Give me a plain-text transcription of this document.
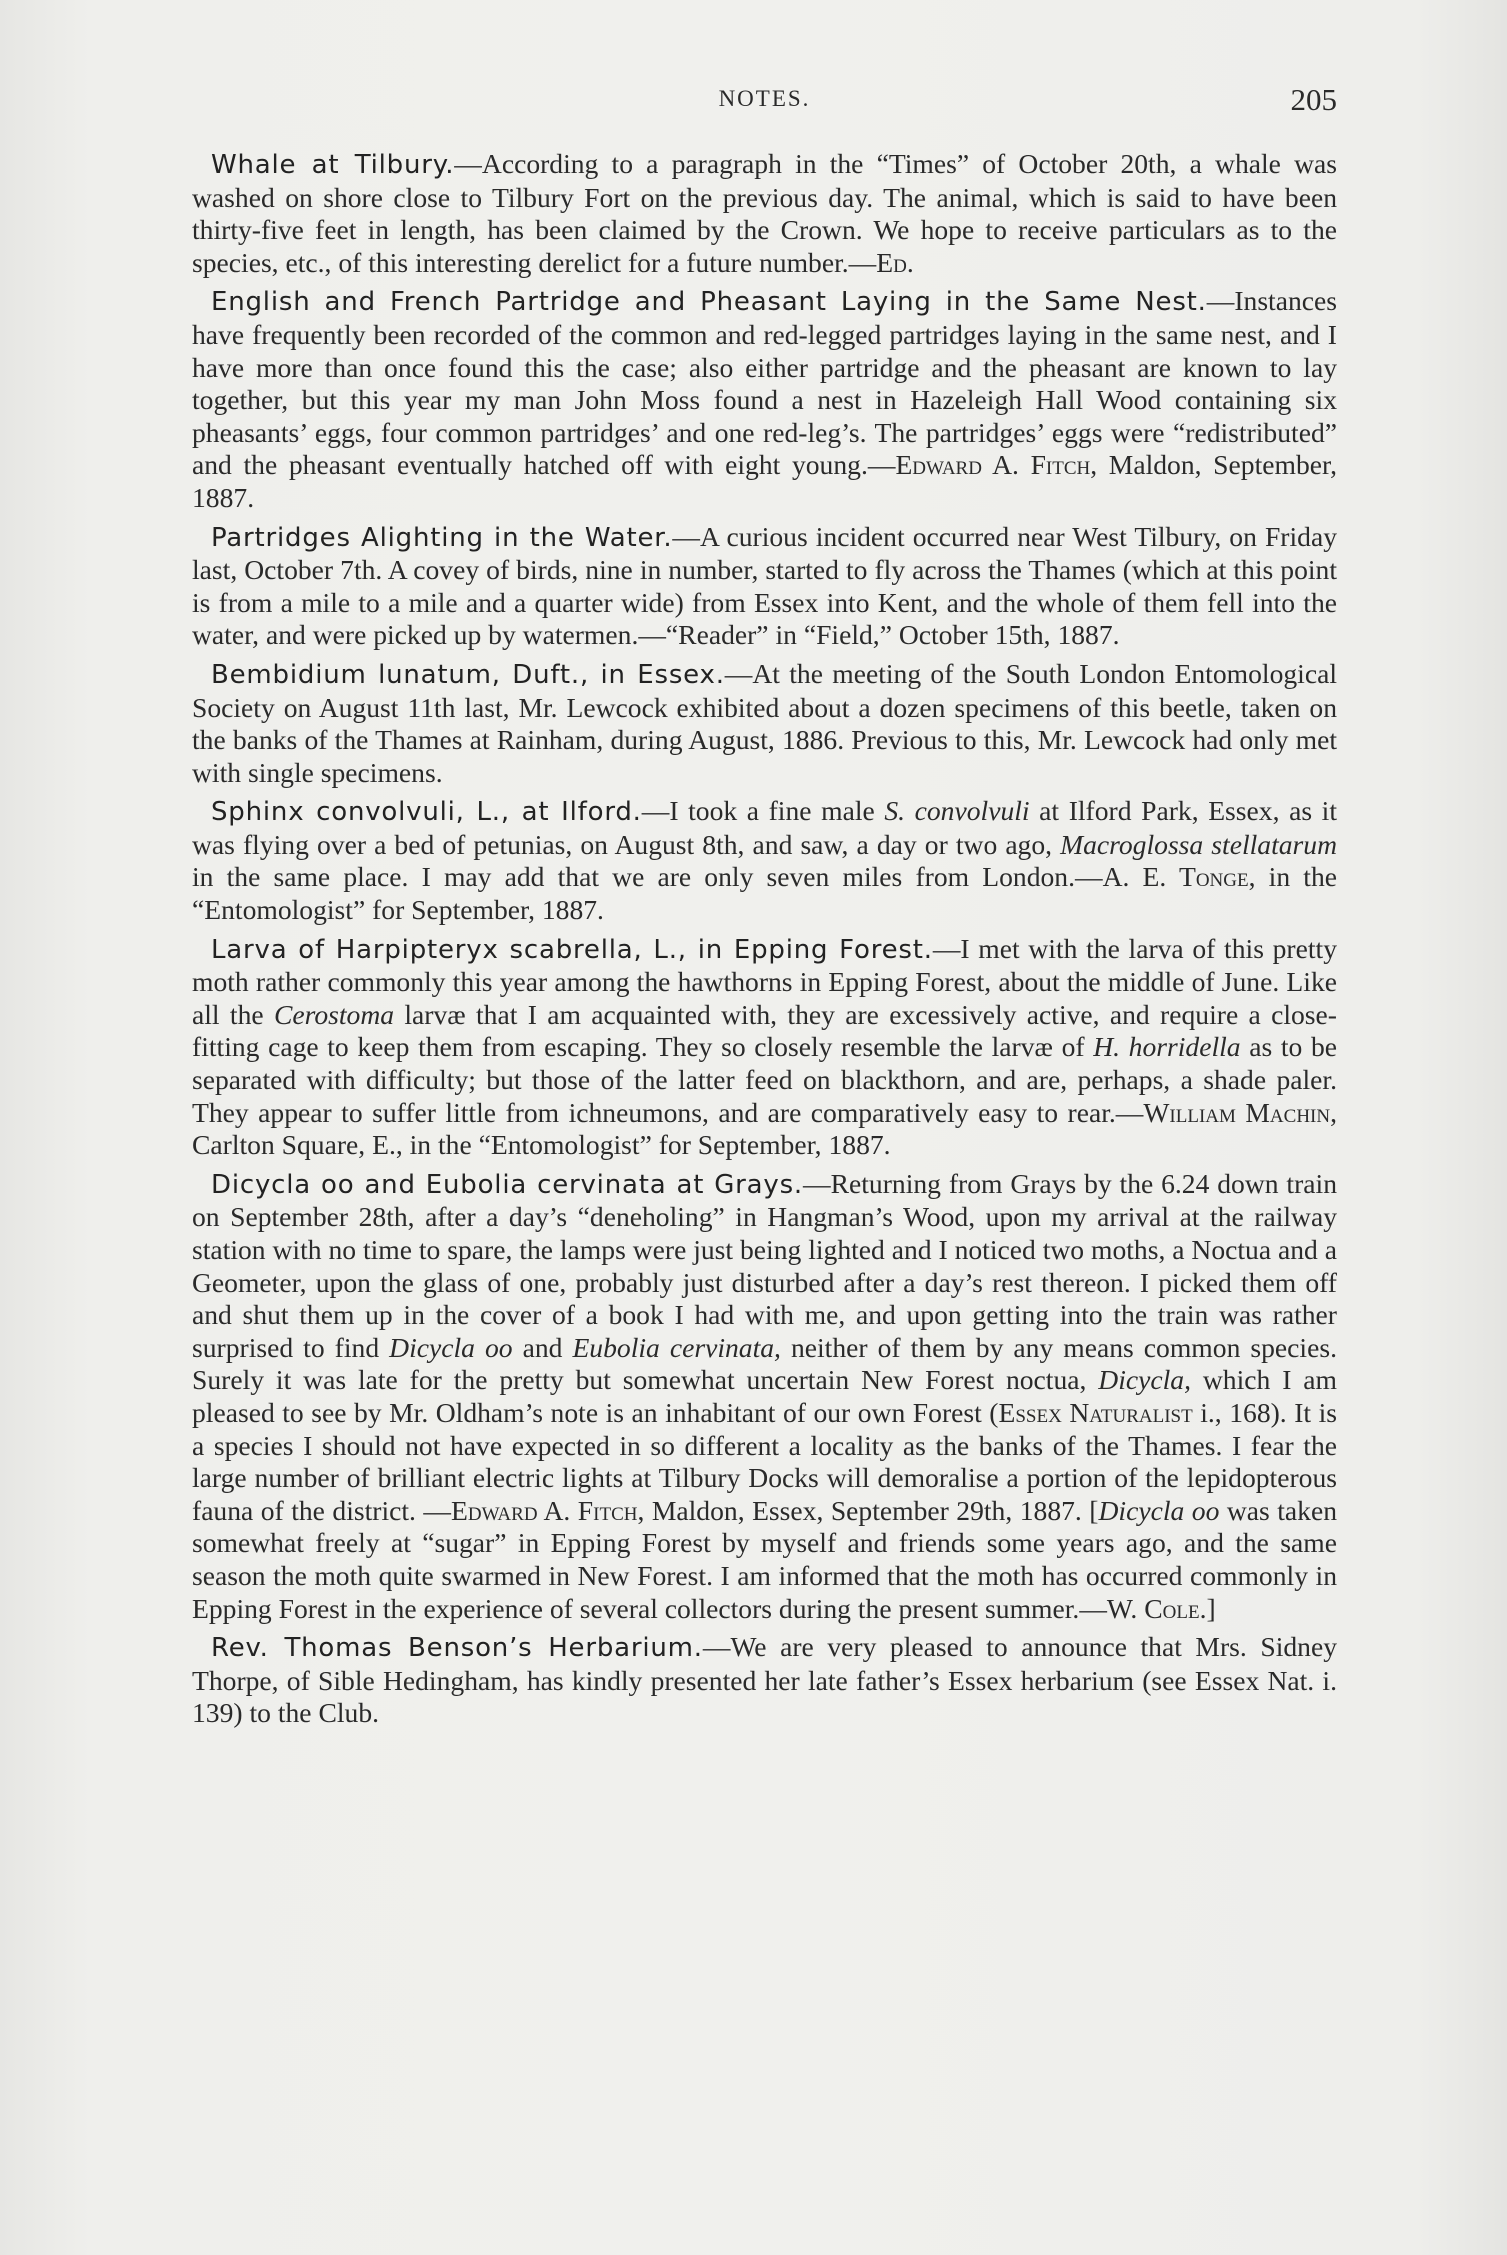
NOTES.	205

Whale at Tilbury.—According to a paragraph in the “Times” of October 20th, a whale was washed on shore close to Tilbury Fort on the previous day. The animal, which is said to have been thirty-five feet in length, has been claimed by the Crown. We hope to receive particulars as to the species, etc., of this interesting derelict for a future number.—Ed.

English and French Partridge and Pheasant Laying in the Same Nest.—Instances have frequently been recorded of the common and red-legged partridges laying in the same nest, and I have more than once found this the case; also either partridge and the pheasant are known to lay together, but this year my man John Moss found a nest in Hazeleigh Hall Wood containing six pheasants’ eggs, four common partridges’ and one red-leg’s. The partridges’ eggs were “redistributed” and the pheasant eventually hatched off with eight young.—Edward A. Fitch, Maldon, September, 1887.

Partridges Alighting in the Water.—A curious incident occurred near West Tilbury, on Friday last, October 7th. A covey of birds, nine in number, started to fly across the Thames (which at this point is from a mile to a mile and a quarter wide) from Essex into Kent, and the whole of them fell into the water, and were picked up by watermen.—“Reader” in “Field,” October 15th, 1887.

Bembidium lunatum, Duft., in Essex.—At the meeting of the South London Entomological Society on August 11th last, Mr. Lewcock exhibited about a dozen specimens of this beetle, taken on the banks of the Thames at Rainham, during August, 1886. Previous to this, Mr. Lewcock had only met with single specimens.

Sphinx convolvuli, L., at Ilford.—I took a fine male S. convolvuli at Ilford Park, Essex, as it was flying over a bed of petunias, on August 8th, and saw, a day or two ago, Macroglossa stellatarum in the same place. I may add that we are only seven miles from London.—A. E. Tonge, in the “Entomologist” for September, 1887.

Larva of Harpipteryx scabrella, L., in Epping Forest.—I met with the larva of this pretty moth rather commonly this year among the hawthorns in Epping Forest, about the middle of June. Like all the Cerostoma larvæ that I am acquainted with, they are excessively active, and require a close-fitting cage to keep them from escaping. They so closely resemble the larvæ of H. horridella as to be separated with difficulty; but those of the latter feed on blackthorn, and are, perhaps, a shade paler. They appear to suffer little from ichneumons, and are comparatively easy to rear.—William Machin, Carlton Square, E., in the “Entomologist” for September, 1887.

Dicycla oo and Eubolia cervinata at Grays.—Returning from Grays by the 6.24 down train on September 28th, after a day’s “deneholing” in Hangman’s Wood, upon my arrival at the railway station with no time to spare, the lamps were just being lighted and I noticed two moths, a Noctua and a Geometer, upon the glass of one, probably just disturbed after a day’s rest thereon. I picked them off and shut them up in the cover of a book I had with me, and upon getting into the train was rather surprised to find Dicycla oo and Eubolia cervinata, neither of them by any means common species. Surely it was late for the pretty but somewhat uncertain New Forest noctua, Dicycla, which I am pleased to see by Mr. Oldham’s note is an inhabitant of our own Forest (Essex Naturalist i., 168). It is a species I should not have expected in so different a locality as the banks of the Thames. I fear the large number of brilliant electric lights at Tilbury Docks will demoralise a portion of the lepidopterous fauna of the district. —Edward A. Fitch, Maldon, Essex, September 29th, 1887. [Dicycla oo was taken somewhat freely at “sugar” in Epping Forest by myself and friends some years ago, and the same season the moth quite swarmed in New Forest. I am informed that the moth has occurred commonly in Epping Forest in the experience of several collectors during the present summer.—W. Cole.]

Rev. Thomas Benson’s Herbarium.—We are very pleased to announce that Mrs. Sidney Thorpe, of Sible Hedingham, has kindly presented her late father’s Essex herbarium (see Essex Nat. i. 139) to the Club.
